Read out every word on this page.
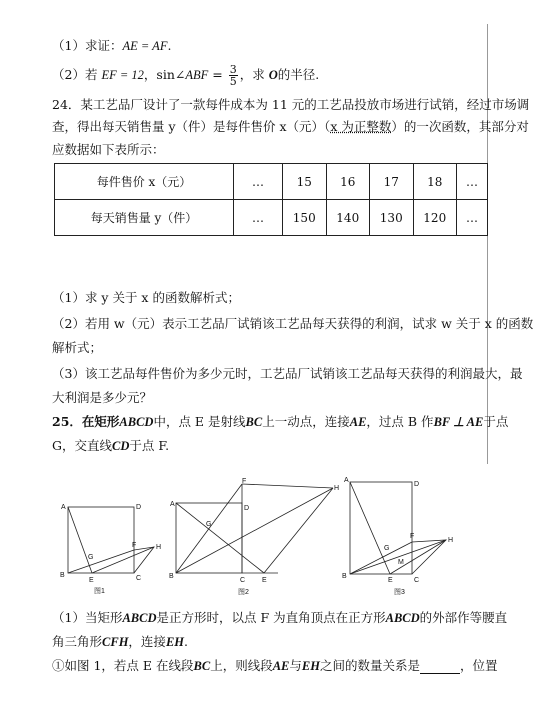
（1）求证：AE = AF.
（2）若 EF = 12，sin∠ABF = $\frac{3}{5}$ ，求 O的半径.
24．某工艺品厂设计了一款每件成本为 11 元的工艺品投放市场进行试销，经过市场调
查，得出每天销售量 y（件）是每件售价 x（元）（x 为正整数）的一次函数，其部分对
应数据如下表所示：
每件售价 x（元）	…	15	16	17	18	…
每天销售量 y（件）	…	150	140	130	120	…
（1）求 y 关于 x 的函数解析式；
（2）若用 w（元）表示工艺品厂试销该工艺品每天获得的利润，试求 w 关于 x 的函数
解析式；
（3）该工艺品每件售价为多少元时，工艺品厂试销该工艺品每天获得的利润最大，最
大利润是多少元？
25．在矩形ABCD中，点 E 是射线BC上一动点，连接AE，过点 B 作BF ⊥ AE于点
G，交直线CD于点 F.
A	D
B	C
E
F
G
H
图1
A
D
F
H
B
C E
G
图2
A
D
B
C
E
F
G
H
M
图3
（1）当矩形ABCD是正方形时，以点 F 为直角顶点在正方形ABCD的外部作等腰直
角三角形CFH，连接EH.
①如图 1，若点 E 在线段BC上，则线段AE与EH之间的数量关系是	，位置
